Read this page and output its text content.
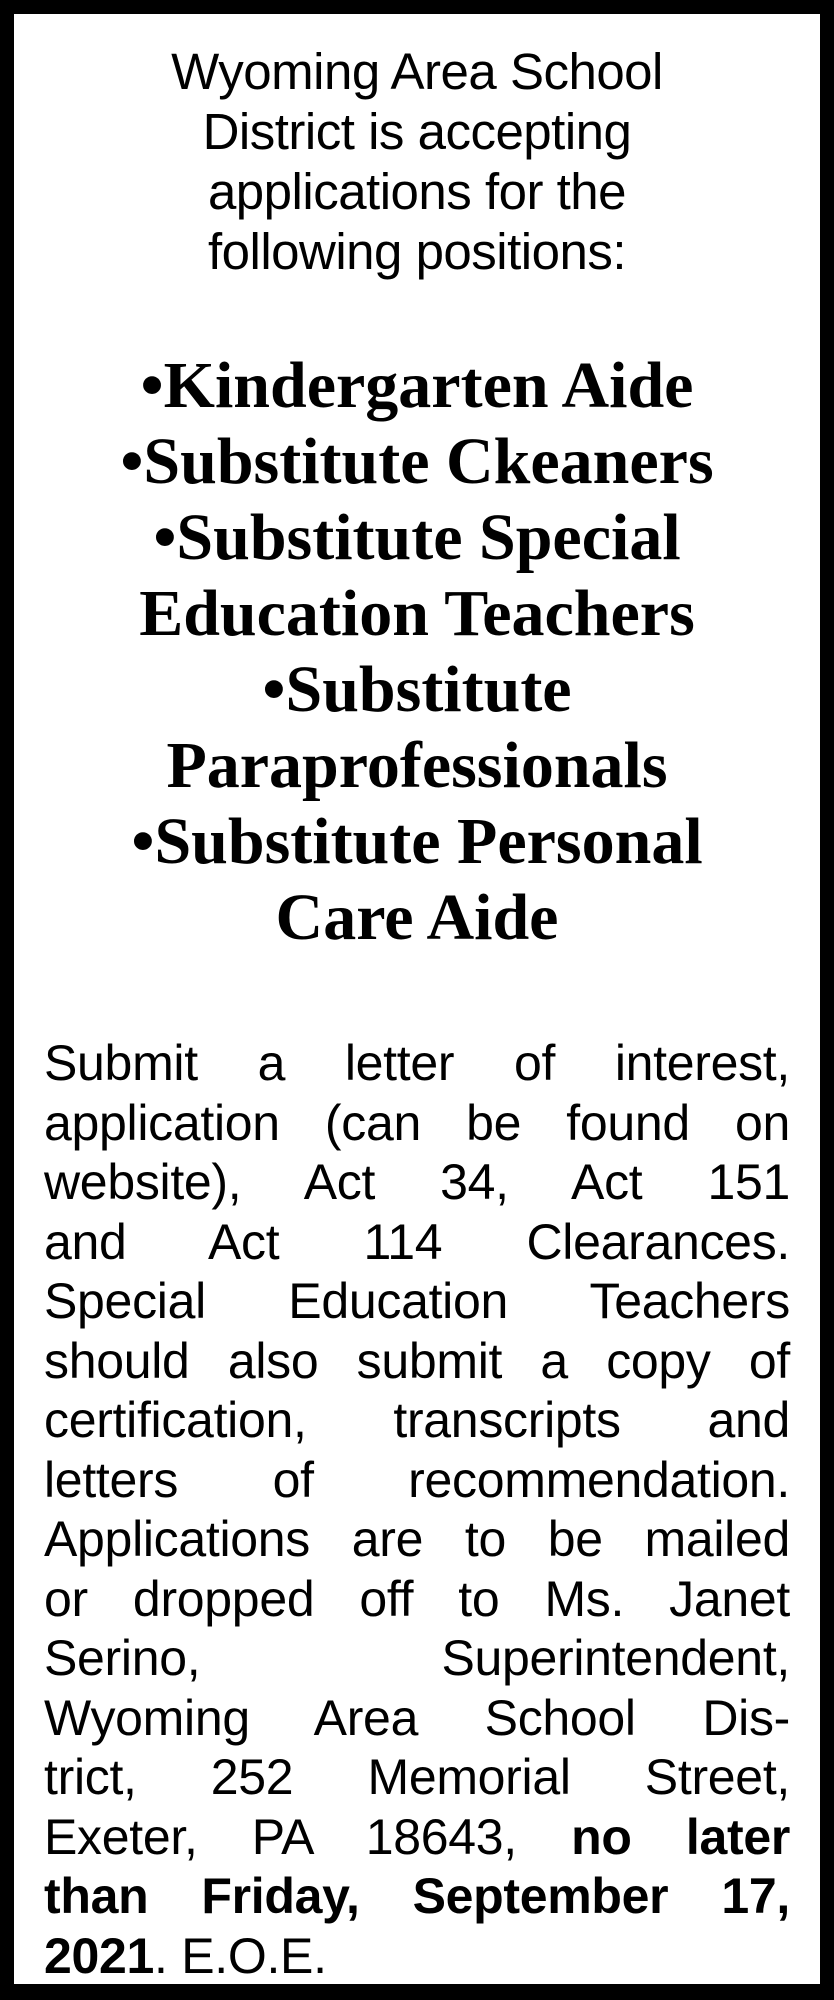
Wyoming Area School
District is accepting
applications for the
following positions:
•Kindergarten Aide
•Substitute Ckeaners
•Substitute Special
Education Teachers
•Substitute
Paraprofessionals
•Substitute Personal
Care Aide
Submit a letter of interest,
application (can be found on
website), Act 34, Act 151
and Act 114 Clearances.
Special Education Teachers
should also submit a copy of
certification, transcripts and
letters of recommendation.
Applications are to be mailed
or dropped off to Ms. Janet
Serino, Superintendent,
Wyoming Area School Dis-
trict, 252 Memorial Street,
Exeter, PA 18643, no later
than Friday, September 17,
2021. E.O.E.
